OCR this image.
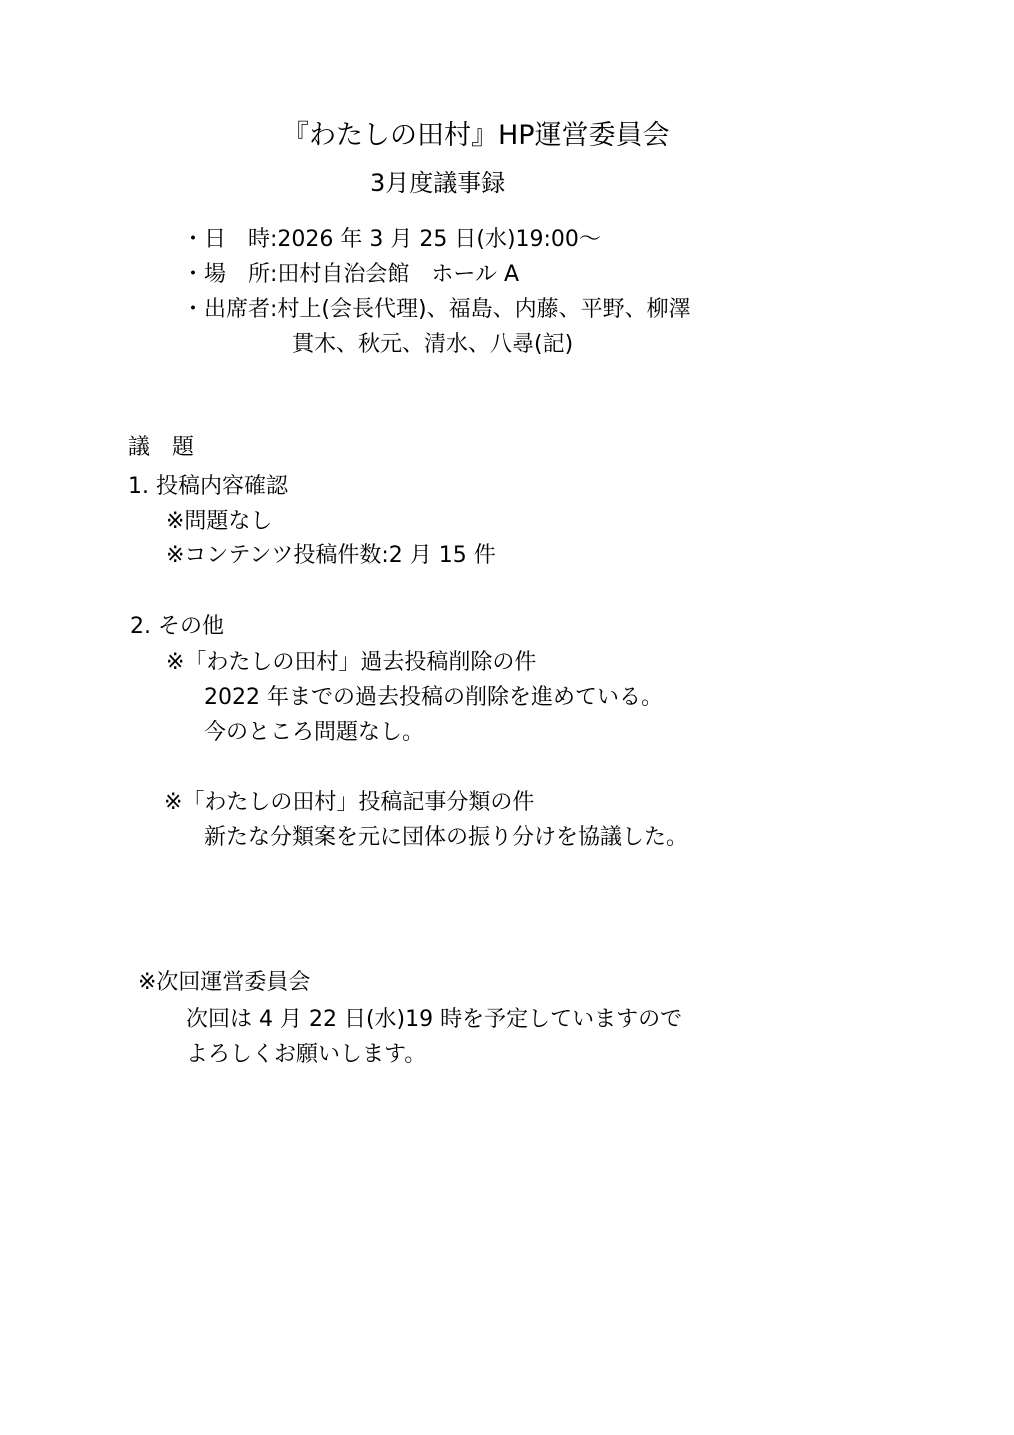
『わたしの田村』HP運営委員会
3月度議事録
・日　時:2026 年 3 月 25 日(水)19:00～
・場　所:田村自治会館　ホール A
・出席者:村上(会長代理)、福島、内藤、平野、柳澤
貫木、秋元、清水、八尋(記)
議　題
1. 投稿内容確認
※問題なし
※コンテンツ投稿件数:2 月 15 件
2. その他
※「わたしの田村」過去投稿削除の件
2022 年までの過去投稿の削除を進めている。
今のところ問題なし。
※「わたしの田村」投稿記事分類の件
新たな分類案を元に団体の振り分けを協議した。
※次回運営委員会
次回は 4 月 22 日(水)19 時を予定していますので
よろしくお願いします。
